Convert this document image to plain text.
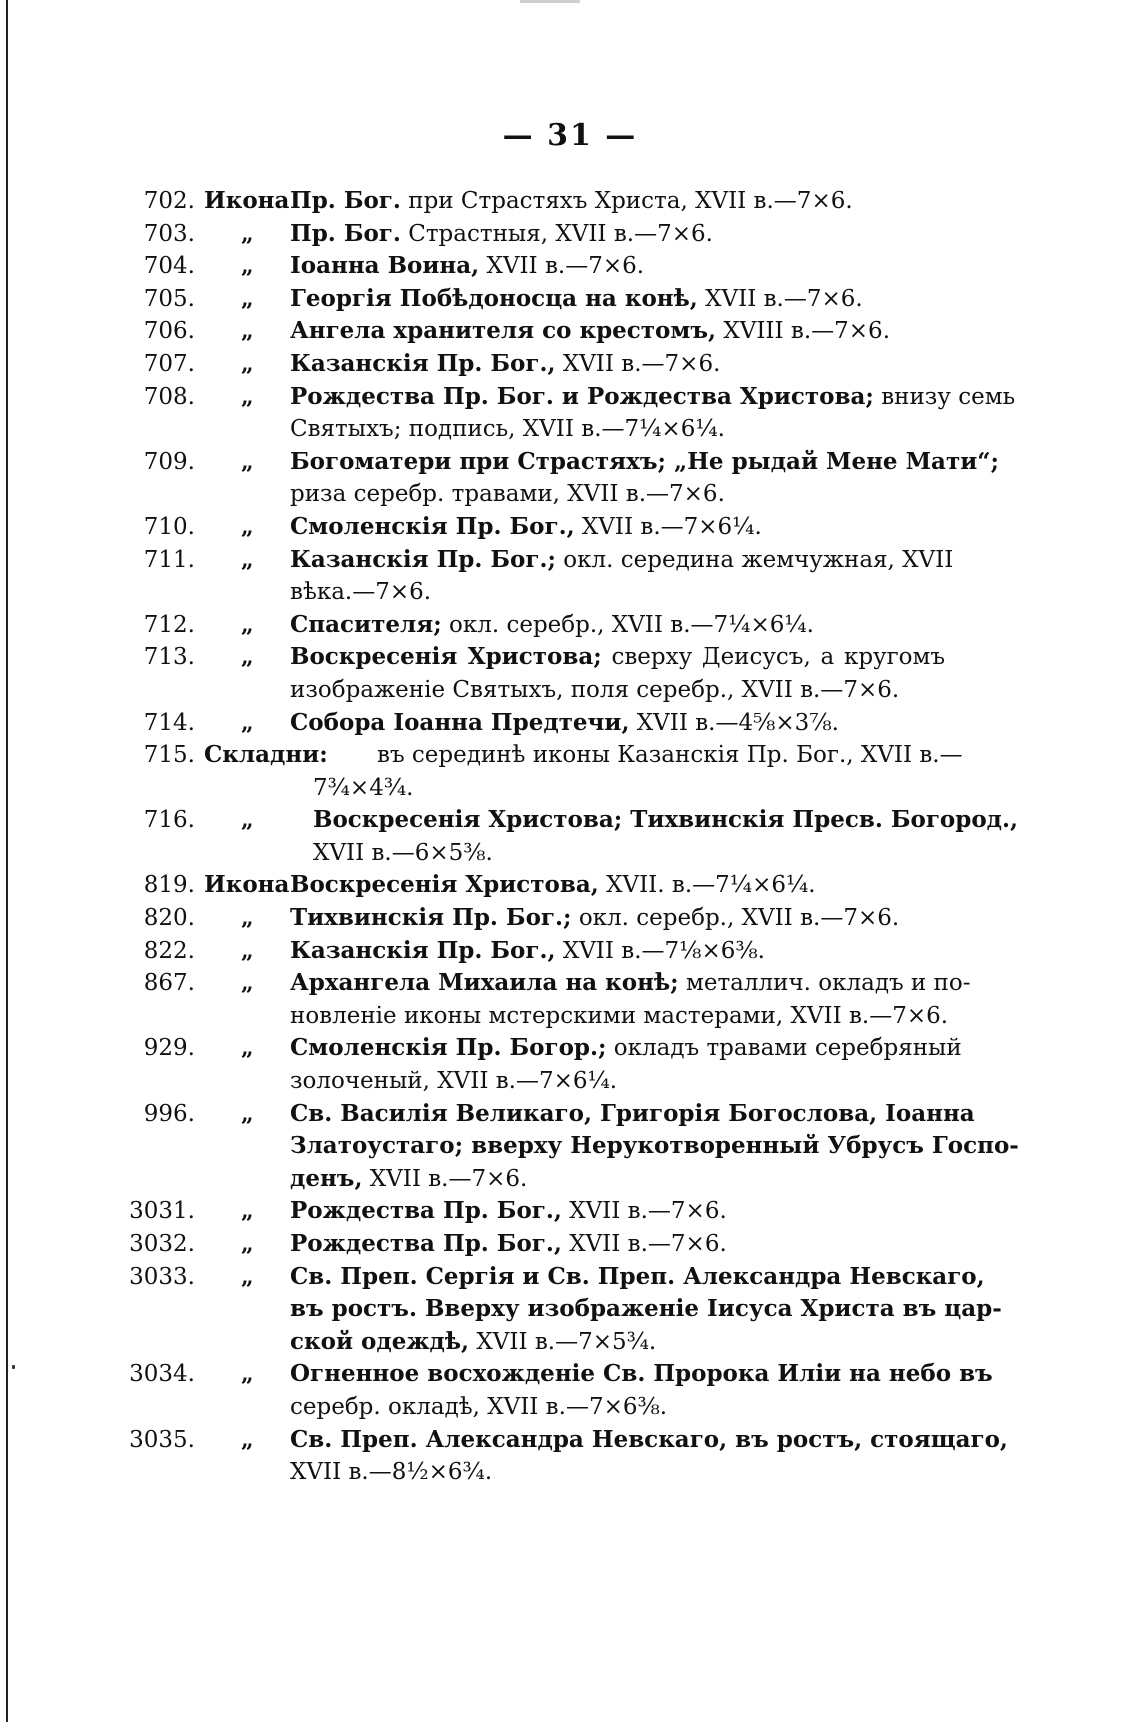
— 31 —
702. Икона Пр. Бог. при Страстяхъ Христа, XVII в.—7×6.
703. „ Пр. Бог. Страстныя, XVII в.—7×6.
704. „ Іоанна Воина, XVII в.—7×6.
705. „ Георгія Побѣдоносца на конѣ, XVII в.—7×6.
706. „ Ангела хранителя со крестомъ, XVIII в.—7×6.
707. „ Казанскія Пр. Бог., XVII в.—7×6.
708. „ Рождества Пр. Бог. и Рождества Христова; внизу семь
Святыхъ; подпись, XVII в.—7¼×6¼.
709. „ Богоматери при Страстяхъ; „Не рыдай Мене Мати“;
риза серебр. травами, XVII в.—7×6.
710. „ Смоленскія Пр. Бог., XVII в.—7×6¼.
711. „ Казанскія Пр. Бог.; окл. середина жемчужная, XVII
вѣка.—7×6.
712. „ Спасителя; окл. серебр., XVII в.—7¼×6¼.
713. „ Воскресенія Христова; сверху Деисусъ, а кругомъ
изображеніе Святыхъ, поля серебр., XVII в.—7×6.
714. „ Собора Іоанна Предтечи, XVII в.—4⅝×3⅞.
715. Складни: въ серединѣ иконы Казанскія Пр. Бог., XVII в.—
7¾×4¾.
716. „	Воскресенія Христова; Тихвинскія Пресв. Богород.,
XVII в.—6×5⅜.
819. Икона Воскресенія Христова, XVII. в.—7¼×6¼.
820. „ Тихвинскія Пр. Бог.; окл. серебр., XVII в.—7×6.
822. „ Казанскія Пр. Бог., XVII в.—7⅛×6⅜.
867. „ Архангела Михаила на конѣ; металлич. окладъ и по-
новленіе иконы мстерскими мастерами, XVII в.—7×6.
929. „ Смоленскія Пр. Богор.; окладъ травами серебряный
золоченый, XVII в.—7×6¼.
996. „ Св. Василія Великаго, Григорія Богослова, Іоанна
Златоустаго; вверху Нерукотворенный Убрусъ Госпо-
денъ, XVII в.—7×6.
3031. „ Рождества Пр. Бог., XVII в.—7×6.
3032. „ Рождества Пр. Бог., XVII в.—7×6.
3033. „ Св. Преп. Сергія и Св. Преп. Александра Невскаго,
въ ростъ. Вверху изображеніе Іисуса Христа въ цар-
ской одеждѣ, XVII в.—7×5¾.
3034. „ Огненное восхожденіе Св. Пророка Иліи на небо въ
серебр. окладѣ, XVII в.—7×6⅜.
3035. „ Св. Преп. Александра Невскаго, въ ростъ, стоящаго,
XVII в.—8½×6¾.
